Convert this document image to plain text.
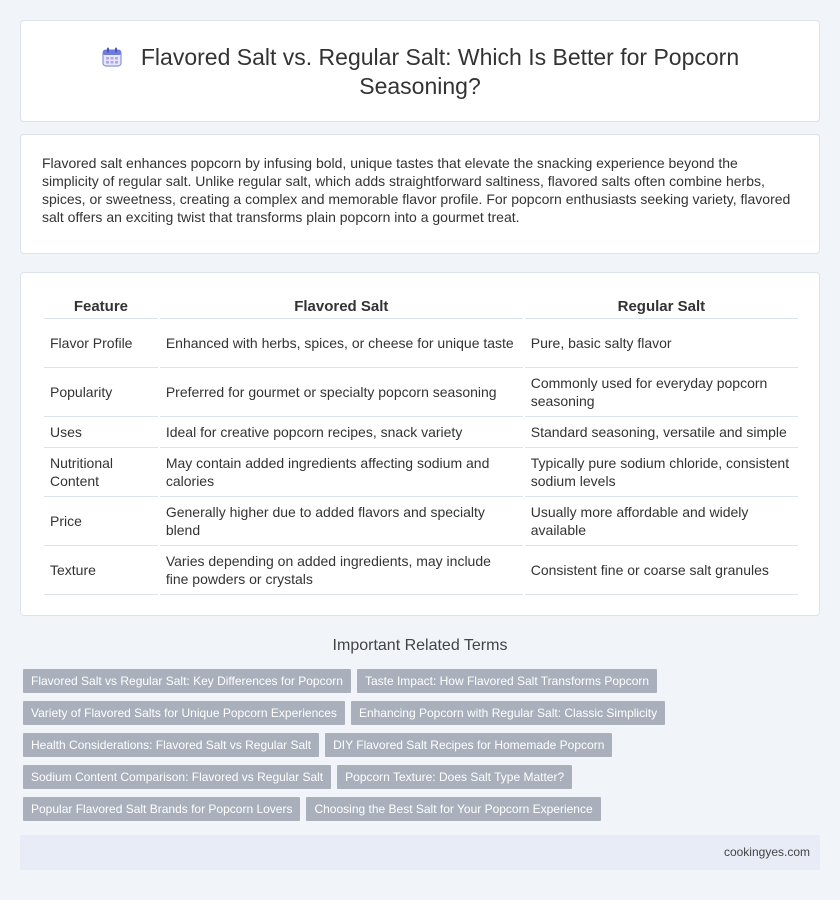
Flavored Salt vs. Regular Salt: Which Is Better for Popcorn Seasoning?

Flavored salt enhances popcorn by infusing bold, unique tastes that elevate the snacking experience beyond the simplicity of regular salt. Unlike regular salt, which adds straightforward saltiness, flavored salts often combine herbs, spices, or sweetness, creating a complex and memorable flavor profile. For popcorn enthusiasts seeking variety, flavored salt offers an exciting twist that transforms plain popcorn into a gourmet treat.

Feature	Flavored Salt	Regular Salt
Flavor Profile	Enhanced with herbs, spices, or cheese for unique taste	Pure, basic salty flavor
Popularity	Preferred for gourmet or specialty popcorn seasoning	Commonly used for everyday popcorn seasoning
Uses	Ideal for creative popcorn recipes, snack variety	Standard seasoning, versatile and simple
Nutritional Content	May contain added ingredients affecting sodium and calories	Typically pure sodium chloride, consistent sodium levels
Price	Generally higher due to added flavors and specialty blend	Usually more affordable and widely available
Texture	Varies depending on added ingredients, may include fine powders or crystals	Consistent fine or coarse salt granules
Important Related Terms
Flavored Salt vs Regular Salt: Key Differences for Popcorn	Taste Impact: How Flavored Salt Transforms Popcorn
Variety of Flavored Salts for Unique Popcorn Experiences	Enhancing Popcorn with Regular Salt: Classic Simplicity
Health Considerations: Flavored Salt vs Regular Salt	DIY Flavored Salt Recipes for Homemade Popcorn
Sodium Content Comparison: Flavored vs Regular Salt	Popcorn Texture: Does Salt Type Matter?
Popular Flavored Salt Brands for Popcorn Lovers	Choosing the Best Salt for Your Popcorn Experience
cookingyes.com
